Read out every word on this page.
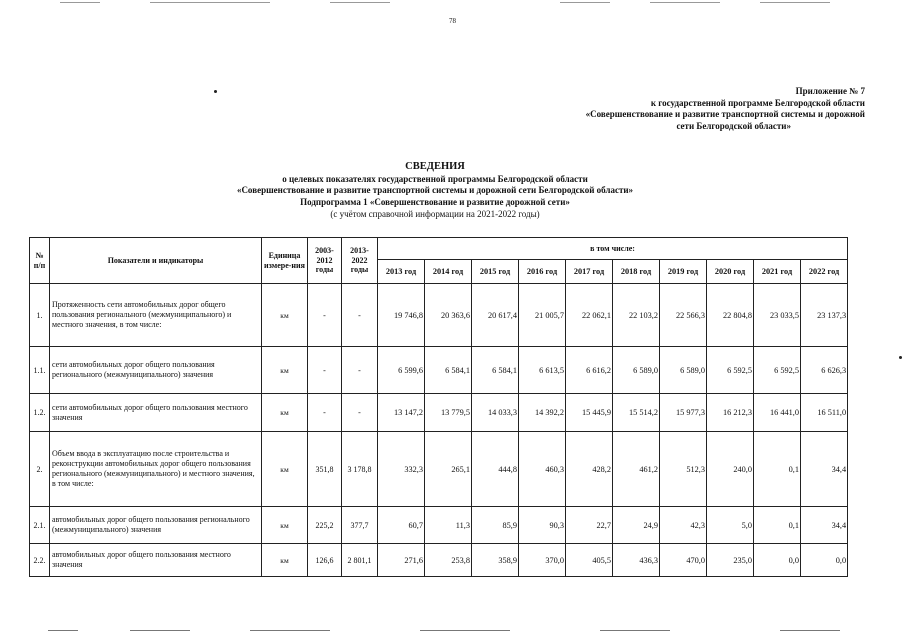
78
Приложение № 7
к государственной программе Белгородской области
«Совершенствование и развитие транспортной системы и дорожной
сети Белгородской области»
СВЕДЕНИЯ
о целевых показателях государственной программы Белгородской области
«Совершенствование и развитие транспортной системы и дорожной сети Белгородской области»
Подпрограмма 1 «Совершенствование и развитие дорожной сети»
(с учётом справочной информации на 2021-2022 годы)
№ п/п	Показатели и индикаторы	Единица измере-ния	2003-2012 годы	2013-2022 годы	в том числе:									
					2013 год	2014 год	2015 год	2016 год	2017 год	2018 год	2019 год	2020 год	2021 год	2022 год
1.	Протяженность сети автомобильных дорог общего пользования регионального (межмуниципального) и местного значения, в том числе:	км	-	-	19 746,8	20 363,6	20 617,4	21 005,7	22 062,1	22 103,2	22 566,3	22 804,8	23 033,5	23 137,3
1.1.	сети автомобильных дорог общего пользования регионального (межмуниципального) значения	км	-	-	6 599,6	6 584,1	6 584,1	6 613,5	6 616,2	6 589,0	6 589,0	6 592,5	6 592,5	6 626,3
1.2.	сети автомобильных дорог общего пользования местного значения	км	-	-	13 147,2	13 779,5	14 033,3	14 392,2	15 445,9	15 514,2	15 977,3	16 212,3	16 441,0	16 511,0
2.	Объем ввода в эксплуатацию после строительства и реконструкции автомобильных дорог общего пользования регионального (межмуниципального) и местного значения, в том числе:	км	351,8	3 178,8	332,3	265,1	444,8	460,3	428,2	461,2	512,3	240,0	0,1	34,4
2.1.	автомобильных дорог общего пользования регионального (межмуниципального) значения	км	225,2	377,7	60,7	11,3	85,9	90,3	22,7	24,9	42,3	5,0	0,1	34,4
2.2.	автомобильных дорог общего пользования местного значения	км	126,6	2 801,1	271,6	253,8	358,9	370,0	405,5	436,3	470,0	235,0	0,0	0,0
